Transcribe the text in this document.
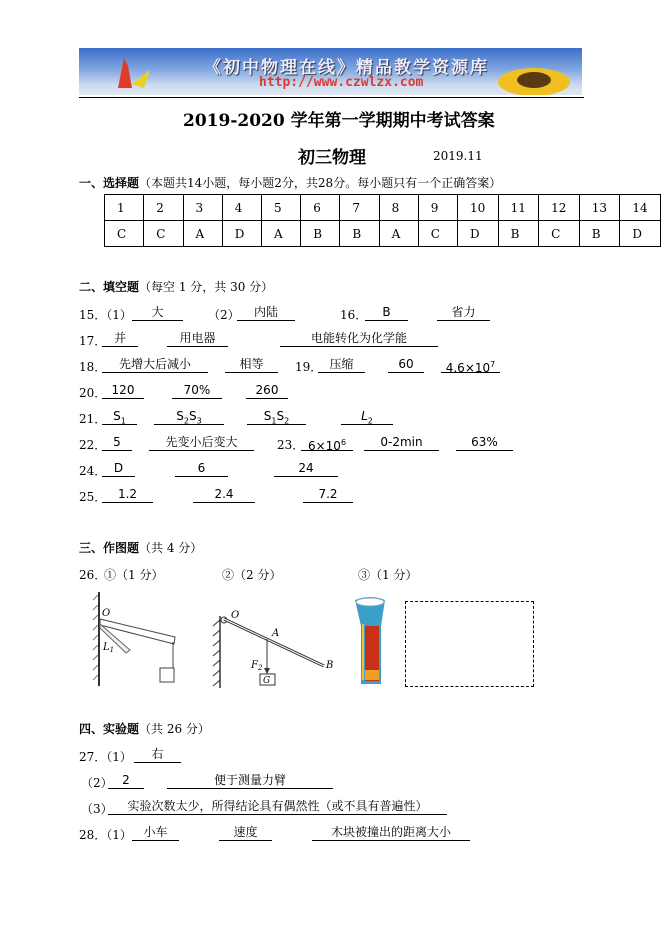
《初中物理在线》精品教学资源库
http://www.czwlzx.com
2019-2020 学年第一学期期中考试答案
初三物理	2019.11
一、选择题（本题共14小题，每小题2分，共28分。每小题只有一个正确答案）
1	2	3	4	5	6	7	8	9	10	11	12	13	14
C	C	A	D	A	B	B	A	C	D	B	C	B	D
二、填空题（每空 1 分，共 30 分）
15．（1）	大	（2）	内陆	16．	B	省力
17． 并	用电器	电能转化为化学能
18．	先增大后减小	相等	19． 压缩	60	$4.6\times 10^7$
20． 120	70%	260
21． $S_1$	$S_2S_3$	$S_1S_2$	$L_2$
22． 5	先变小后变大	23． $6\times 10^6$	0-2min	63%
24． D	6	24
25． 1.2	2.4	7.2
三、作图题（共 4 分）
26．
①（1 分）	②（2 分）	③（1 分）
O
$L_1$
G
O
A
B
$F_2$
四、实验题（共 26 分）
27．（1）	右
（2） 2	便于测量力臂
（3）	实验次数太少，所得结论具有偶然性（或不具有普遍性）
28．（1） 小车	速度	木块被撞出的距离大小
